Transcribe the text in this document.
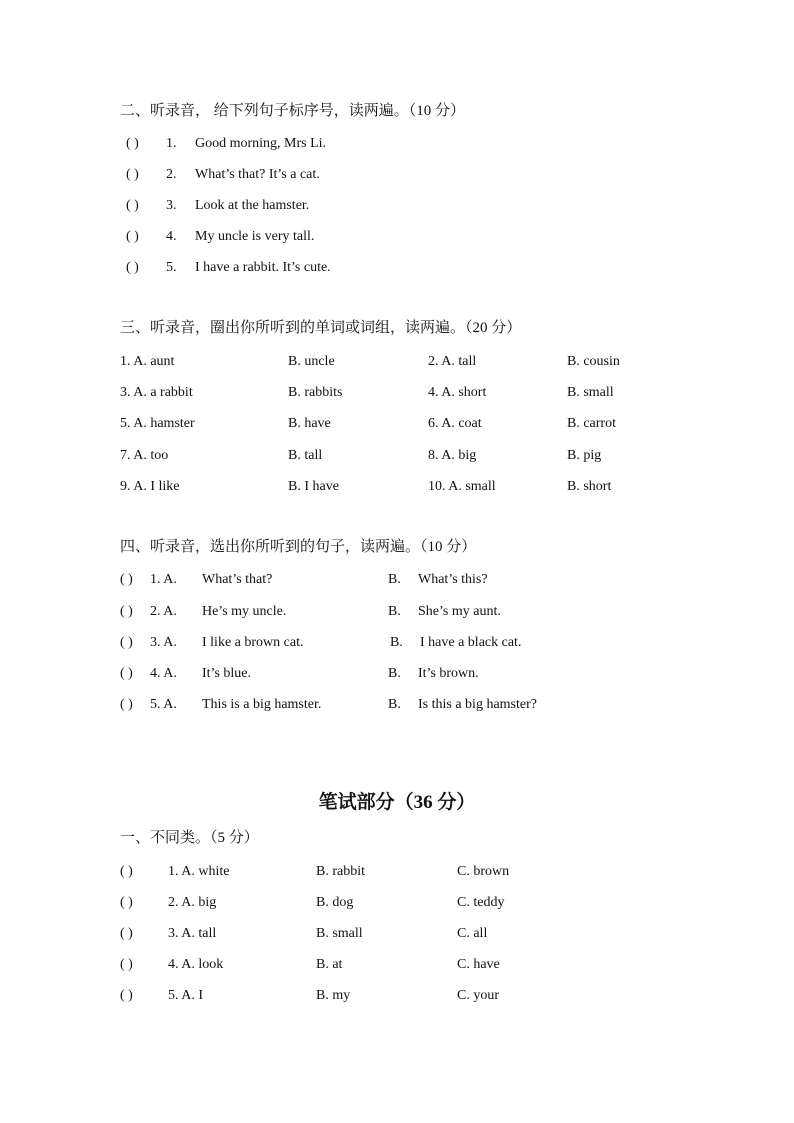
二、听录音， 给下列句子标序号，读两遍。（10 分）
( ) 1. Good morning, Mrs Li.
( ) 2. What’s that? It’s a cat.
( ) 3. Look at the hamster.
( ) 4. My uncle is very tall.
( ) 5. I have a rabbit. It’s cute.
三、听录音，圈出你所听到的单词或词组，读两遍。（20 分）
1. A. aunt	B. uncle	2. A. tall	B. cousin
3. A. a rabbit	B. rabbits	4. A. short	B. small
5. A. hamster	B. have	6. A. coat	B. carrot
7. A. too	B. tall	8. A. big	B. pig
9. A. I like	B. I have	10. A. small	B. short
四、听录音，选出你所听到的句子，读两遍。（10 分）
( ) 1. A. What’s that?	B. What’s this?
( ) 2. A. He’s my uncle.	B. She’s my aunt.
( ) 3. A. I like a brown cat.	B. I have a black cat.
( ) 4. A. It’s blue.	B. It’s brown.
( ) 5. A. This is a big hamster.	B. Is this a big hamster?
笔试部分（36 分）
一、不同类。（5 分）
( )	1. A. white	B. rabbit	C. brown
( )	2. A. big	B. dog	C. teddy
( )	3. A. tall	B. small	C. all
( )	4. A. look	B. at	C. have
( )	5. A. I	B. my	C. your
